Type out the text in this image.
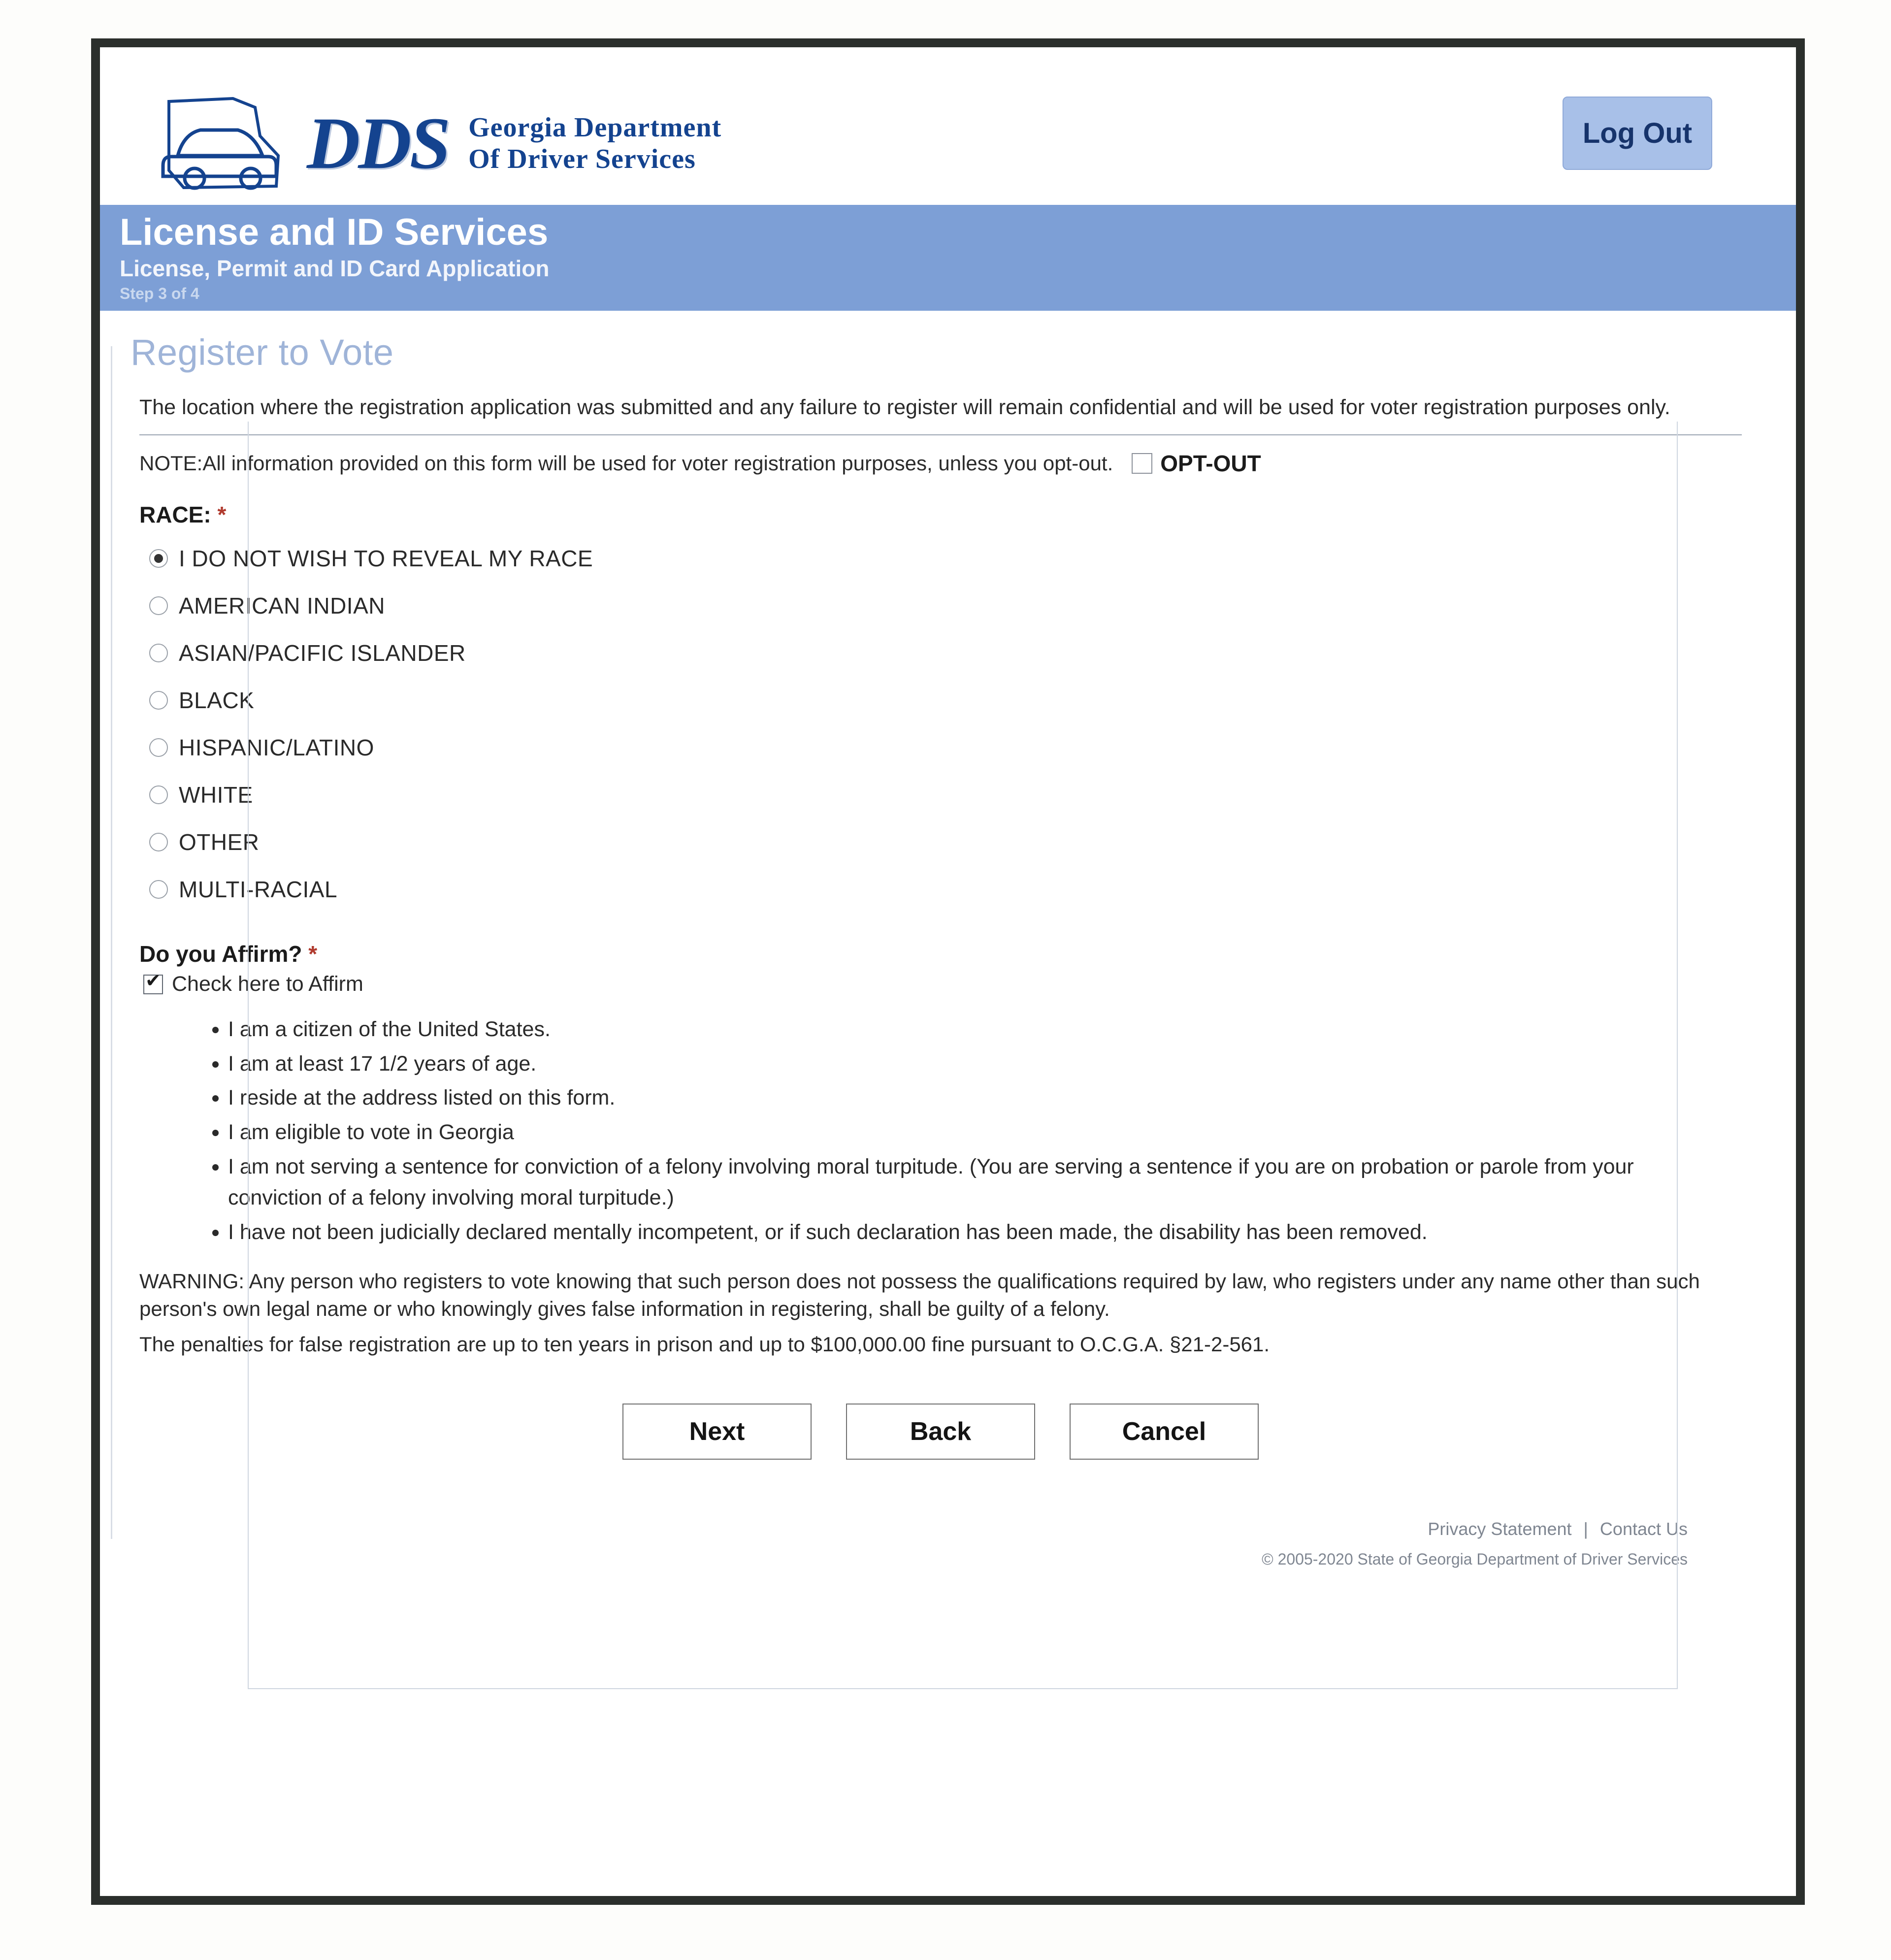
DDS Georgia Department
Of Driver Services
Log Out
License and ID Services
License, Permit and ID Card Application
Step 3 of 4
Register to Vote
The location where the registration application was submitted and any failure to register will remain confidential and will be used for voter registration purposes only.
NOTE: All information provided on this form will be used for voter registration purposes, unless you opt-out. OPT-OUT
RACE: *
I DO NOT WISH TO REVEAL MY RACE
AMERICAN INDIAN
ASIAN/PACIFIC ISLANDER
BLACK
HISPANIC/LATINO
WHITE
OTHER
MULTI-RACIAL
Do you Affirm? *
✔
Check here to Affirm
• I am a citizen of the United States.
• I am at least 17 1/2 years of age.
• I reside at the address listed on this form.
• I am eligible to vote in Georgia
• I am not serving a sentence for conviction of a felony involving moral turpitude. (You are serving a sentence if you are on probation or parole from your conviction of a felony involving moral turpitude.)
• I have not been judicially declared mentally incompetent, or if such declaration has been made, the disability has been removed.
WARNING: Any person who registers to vote knowing that such person does not possess the qualifications required by law, who registers under any name other than such person's own legal name or who knowingly gives false information in registering, shall be guilty of a felony.
The penalties for false registration are up to ten years in prison and up to $100,000.00 fine pursuant to O.C.G.A. §21-2-561.
Next	Back	Cancel
Privacy Statement | Contact Us
© 2005-2020 State of Georgia Department of Driver Services
